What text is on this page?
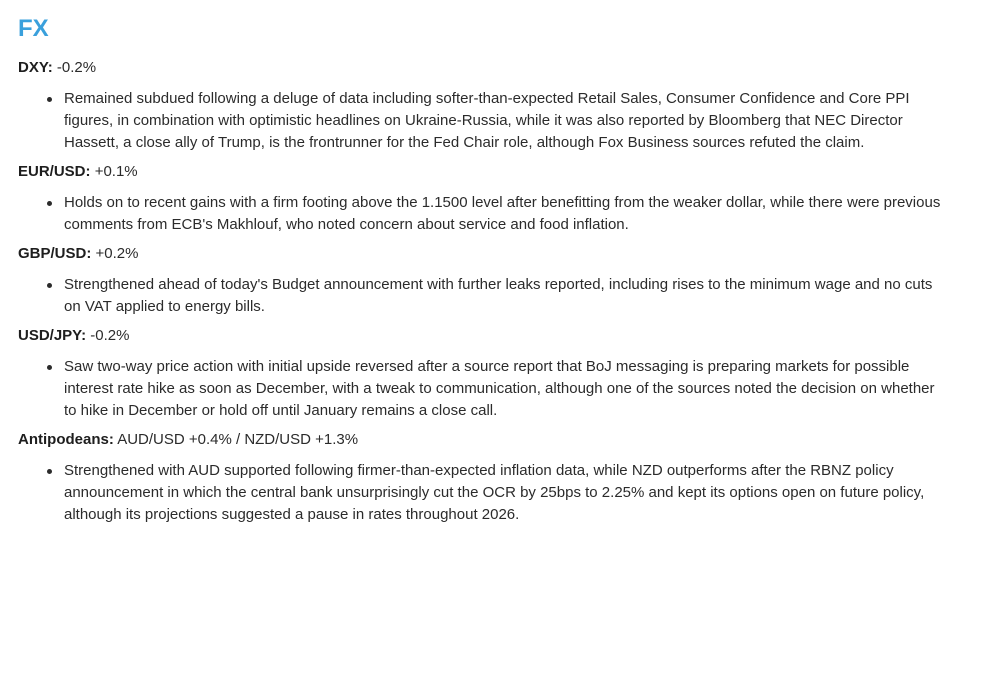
FX
DXY: -0.2%
Remained subdued following a deluge of data including softer-than-expected Retail Sales, Consumer Confidence and Core PPI figures, in combination with optimistic headlines on Ukraine-Russia, while it was also reported by Bloomberg that NEC Director Hassett, a close ally of Trump, is the frontrunner for the Fed Chair role, although Fox Business sources refuted the claim.
EUR/USD: +0.1%
Holds on to recent gains with a firm footing above the 1.1500 level after benefitting from the weaker dollar, while there were previous comments from ECB's Makhlouf, who noted concern about service and food inflation.
GBP/USD: +0.2%
Strengthened ahead of today's Budget announcement with further leaks reported, including rises to the minimum wage and no cuts on VAT applied to energy bills.
USD/JPY: -0.2%
Saw two-way price action with initial upside reversed after a source report that BoJ messaging is preparing markets for possible interest rate hike as soon as December, with a tweak to communication, although one of the sources noted the decision on whether to hike in December or hold off until January remains a close call.
Antipodeans: AUD/USD +0.4% / NZD/USD +1.3%
Strengthened with AUD supported following firmer-than-expected inflation data, while NZD outperforms after the RBNZ policy announcement in which the central bank unsurprisingly cut the OCR by 25bps to 2.25% and kept its options open on future policy, although its projections suggested a pause in rates throughout 2026.
